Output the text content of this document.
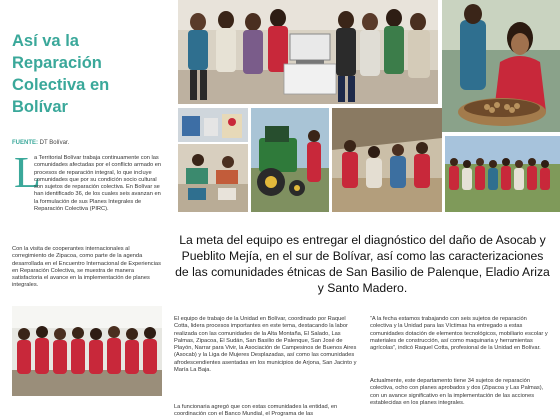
Así va la Reparación Colectiva en Bolívar
FUENTE: DT Bolívar.
L
a Territorial Bolívar trabaja continuamente con las comunidades afectadas por el conflicto armado en procesos de reparación integral, lo que incluye comunidades que por su condición socio cultural son sujetos de reparación colectiva. En Bolívar se han identificado 36, de los cuales seis avanzan en la formulación de sus Planes Integrales de Reparación Colectiva (PIRC).
Con la visita de cooperantes internacionales al corregimiento de Zipacoa, como parte de la agenda desarrollada en el Encuentro Internacional de Experiencias en Reparación Colectiva, se muestra de manera satisfactoria el avance en la implementación de planes integrales.
La meta del equipo es entregar el diagnóstico del daño de Asocab y Pueblito Mejía, en el sur de Bolívar, así como las caracterizaciones de las comunidades étnicas de San Basilio de Palenque, Eladio Ariza y Santo Madero.
El equipo de trabajo de la Unidad en Bolívar, coordinado por Raquel Cotta, lidera procesos importantes en este tema, destacando la labor realizada con las comunidades de la Alta Montaña, El Salado, Las Palmas, Zipacoa, El Sudán, San Basilio de Palenque, San José de Playón, Narrar para Vivir, la Asociación de Campesinos de Buenos Aires (Asocab) y la Liga de Mujeres Desplazadas, así como las comunidades afrodescendientes asentadas en los municipios de Arjona, San Jacinto y María La Baja.
La funcionaria agregó que con estas comunidades la entidad, en coordinación con el Banco Mundial, el Programa de las
“A la fecha estamos trabajando con seis sujetos de reparación colectiva y la Unidad para las Víctimas ha entregado a estas comunidades dotación de elementos tecnológicos, mobiliario escolar y materiales de construcción, así como maquinaria y herramientas agrícolas”, indicó Raquel Cotta, profesional de la Unidad en Bolívar.
Actualmente, este departamento tiene 34 sujetos de reparación colectiva, ocho con planes aprobados y dos (Zipacoa y Las Palmas), con un avance significativo en la implementación de las acciones establecidas en los planes integrales.
